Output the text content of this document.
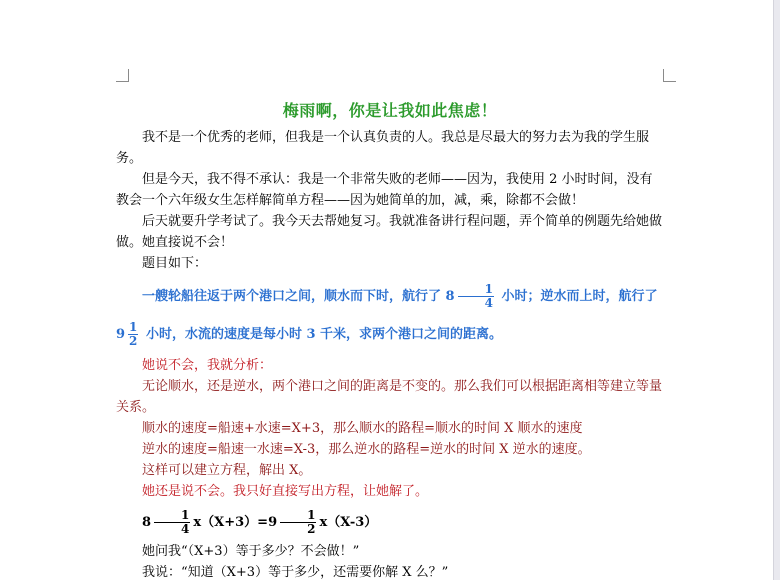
梅雨啊，你是让我如此焦虑！

我不是一个优秀的老师，但我是一个认真负责的人。我总是尽最大的努力去为我的学生服务。

但是今天，我不得不承认：我是一个非常失败的老师——因为，我使用 2 小时时间，没有教会一个六年级女生怎样解简单方程——因为她简单的加，减，乘，除都不会做！

后天就要升学考试了。我今天去帮她复习。我就准备讲行程问题，弄个简单的例题先给她做做。她直接说不会！

题目如下：

一艘轮船往返于两个港口之间，顺水而下时，航行了 $8 \frac{1}{4}$ 小时；逆水而上时，航行了

$9 \frac{1}{2}$ 小时，水流的速度是每小时 3 千米，求两个港口之间的距离。

她说不会，我就分析：

无论顺水，还是逆水，两个港口之间的距离是不变的。那么我们可以根据距离相等建立等量关系。

顺水的速度=船速+水速=X+3，那么顺水的路程=顺水的时间 X 顺水的速度

逆水的速度=船速一水速=X-3，那么逆水的路程=逆水的时间 X 逆水的速度。

这样可以建立方程，解出 X。

她还是说不会。我只好直接写出方程，让她解了。

$8 \frac{1}{4} x(X+3)=9 \frac{1}{2} x(X-3)$

她问我“（X+3）等于多少？不会做！”

我说：“知道（X+3）等于多少，还需要你解 X 么？”
